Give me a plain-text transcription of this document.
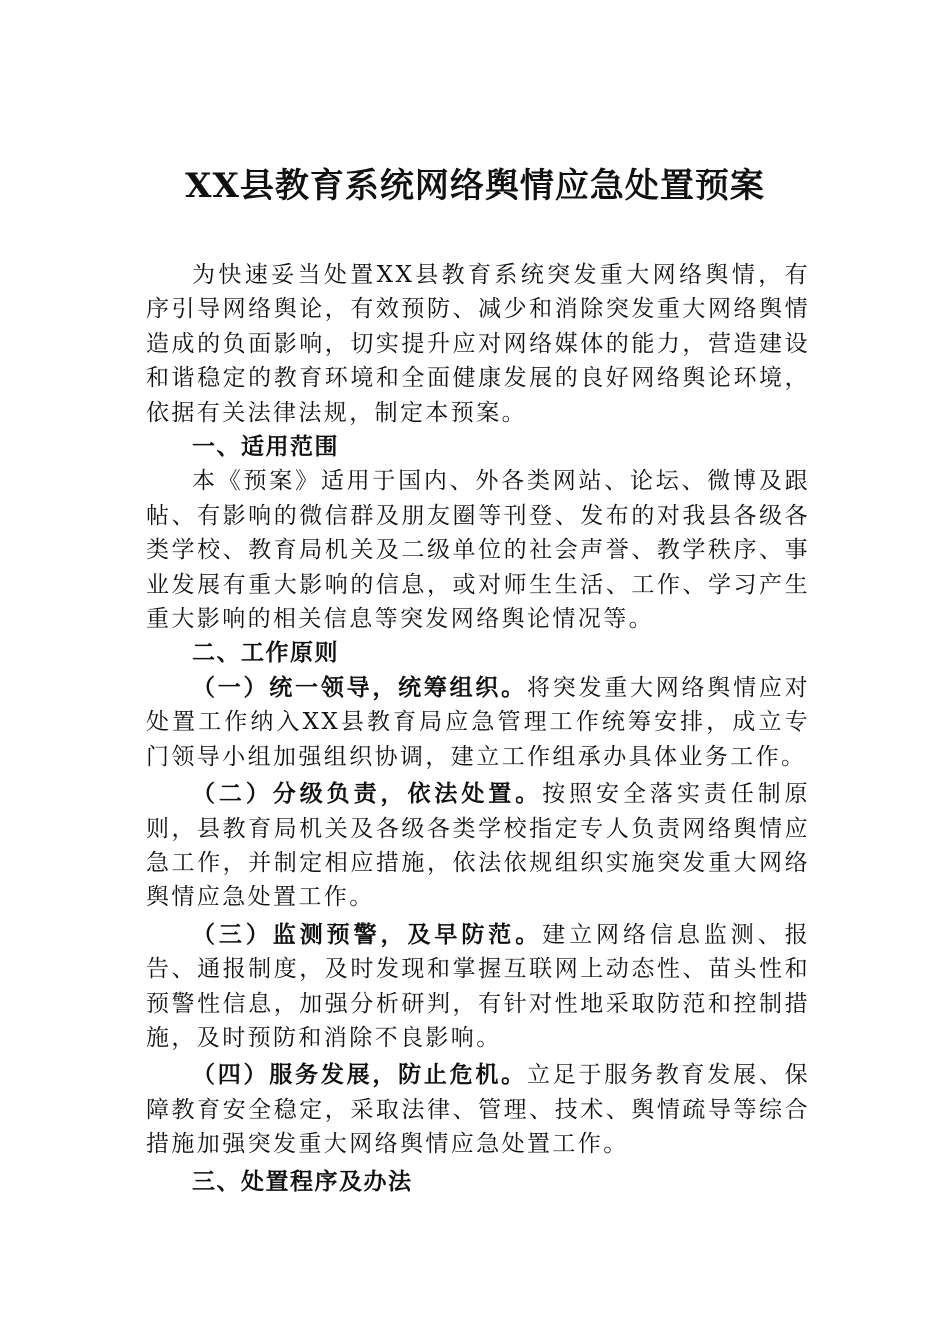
XX县教育系统网络舆情应急处置预案

为快速妥当处置XX县教育系统突发重大网络舆情，有序引导网络舆论，有效预防、减少和消除突发重大网络舆情造成的负面影响，切实提升应对网络媒体的能力，营造建设和谐稳定的教育环境和全面健康发展的良好网络舆论环境，依据有关法律法规，制定本预案。

一、适用范围

本《预案》适用于国内、外各类网站、论坛、微博及跟帖、有影响的微信群及朋友圈等刊登、发布的对我县各级各类学校、教育局机关及二级单位的社会声誉、教学秩序、事业发展有重大影响的信息，或对师生生活、工作、学习产生重大影响的相关信息等突发网络舆论情况等。

二、工作原则

（一）统一领导，统筹组织。将突发重大网络舆情应对处置工作纳入XX县教育局应急管理工作统筹安排，成立专门领导小组加强组织协调，建立工作组承办具体业务工作。

（二）分级负责，依法处置。按照安全落实责任制原则，县教育局机关及各级各类学校指定专人负责网络舆情应急工作，并制定相应措施，依法依规组织实施突发重大网络舆情应急处置工作。

（三）监测预警，及早防范。建立网络信息监测、报告、通报制度，及时发现和掌握互联网上动态性、苗头性和预警性信息，加强分析研判，有针对性地采取防范和控制措施，及时预防和消除不良影响。

（四）服务发展，防止危机。立足于服务教育发展、保障教育安全稳定，采取法律、管理、技术、舆情疏导等综合措施加强突发重大网络舆情应急处置工作。

三、处置程序及办法
